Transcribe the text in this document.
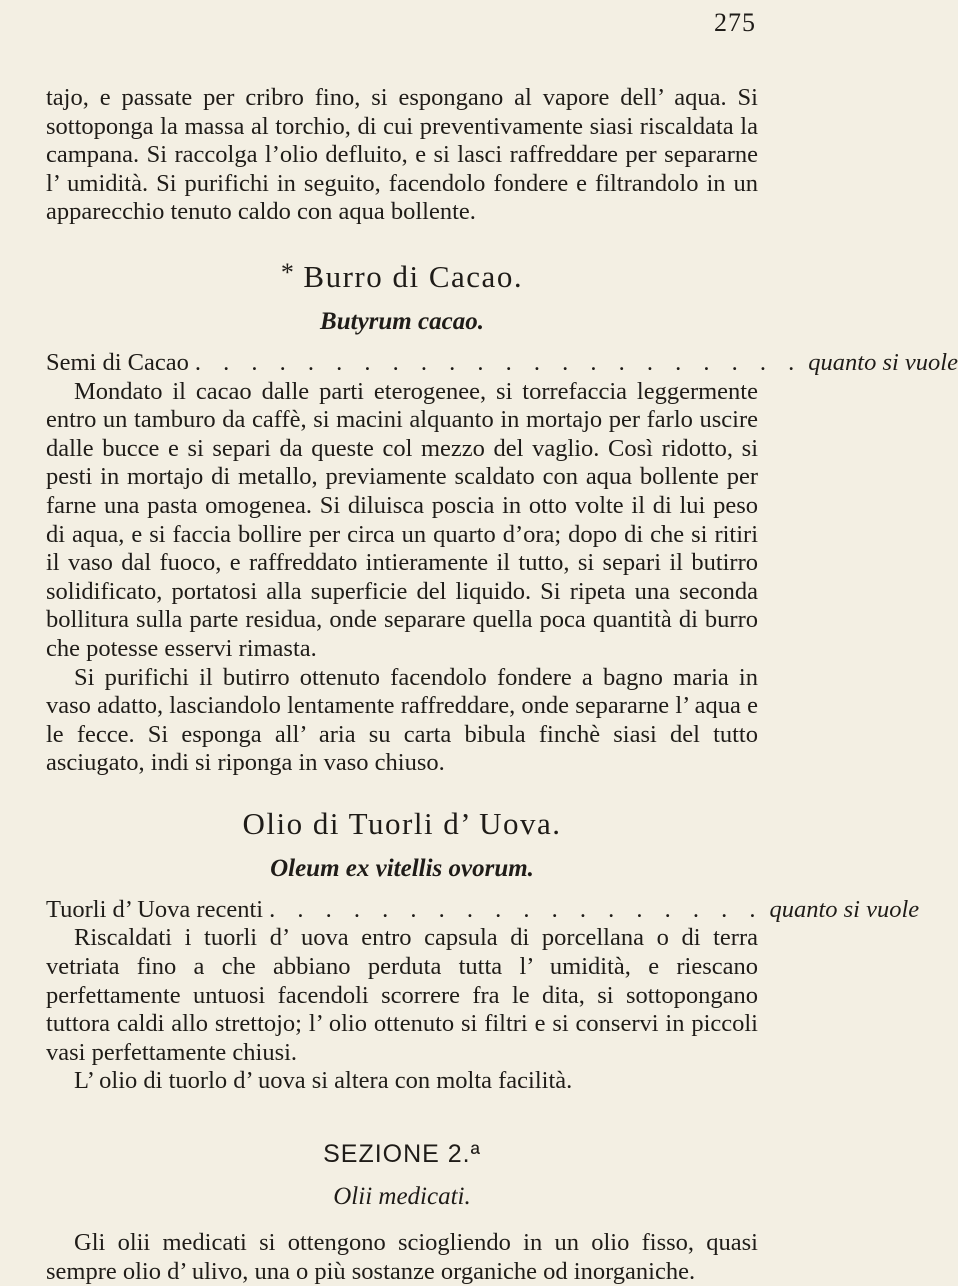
275

tajo, e passate per cribro fino, si espongano al vapore dell’ aqua. Si sottoponga la massa al torchio, di cui preventivamente siasi riscaldata la campana. Si raccolga l’olio defluito, e si lasci raffreddare per separarne l’ umidità. Si purifichi in seguito, facendolo fondere e filtrandolo in un apparecchio tenuto caldo con aqua bollente.

* Burro di Cacao.
Butyrum cacao.
Semi di Cacao . . . . . . . . . . . . . . . . . . . . . . quanto si vuole

Mondato il cacao dalle parti eterogenee, si torrefaccia leggermente entro un tamburo da caffè, si macini alquanto in mortajo per farlo uscire dalle bucce e si separi da queste col mezzo del vaglio. Così ridotto, si pesti in mortajo di metallo, previamente scaldato con aqua bollente per farne una pasta omogenea. Si diluisca poscia in otto volte il di lui peso di aqua, e si faccia bollire per circa un quarto d’ora; dopo di che si ritiri il vaso dal fuoco, e raffreddato intieramente il tutto, si separi il butirro solidificato, portatosi alla superficie del liquido. Si ripeta una seconda bollitura sulla parte residua, onde separare quella poca quantità di burro che potesse esservi rimasta.

Si purifichi il butirro ottenuto facendolo fondere a bagno maria in vaso adatto, lasciandolo lentamente raffreddare, onde separarne l’ aqua e le fecce. Si esponga all’ aria su carta bibula finchè siasi del tutto asciugato, indi si riponga in vaso chiuso.

Olio di Tuorli d’ Uova.
Oleum ex vitellis ovorum.
Tuorli d’ Uova recenti . . . . . . . . . . . . . . . . . . quanto si vuole

Riscaldati i tuorli d’ uova entro capsula di porcellana o di terra vetriata fino a che abbiano perduta tutta l’ umidità, e riescano perfettamente untuosi facendoli scorrere fra le dita, si sottopongano tuttora caldi allo strettojo; l’ olio ottenuto si filtri e si conservi in piccoli vasi perfettamente chiusi.

L’ olio di tuorlo d’ uova si altera con molta facilità.

SEZIONE 2.ª
Olii medicati.

Gli olii medicati si ottengono sciogliendo in un olio fisso, quasi sempre olio d’ ulivo, una o più sostanze organiche od inorganiche.
